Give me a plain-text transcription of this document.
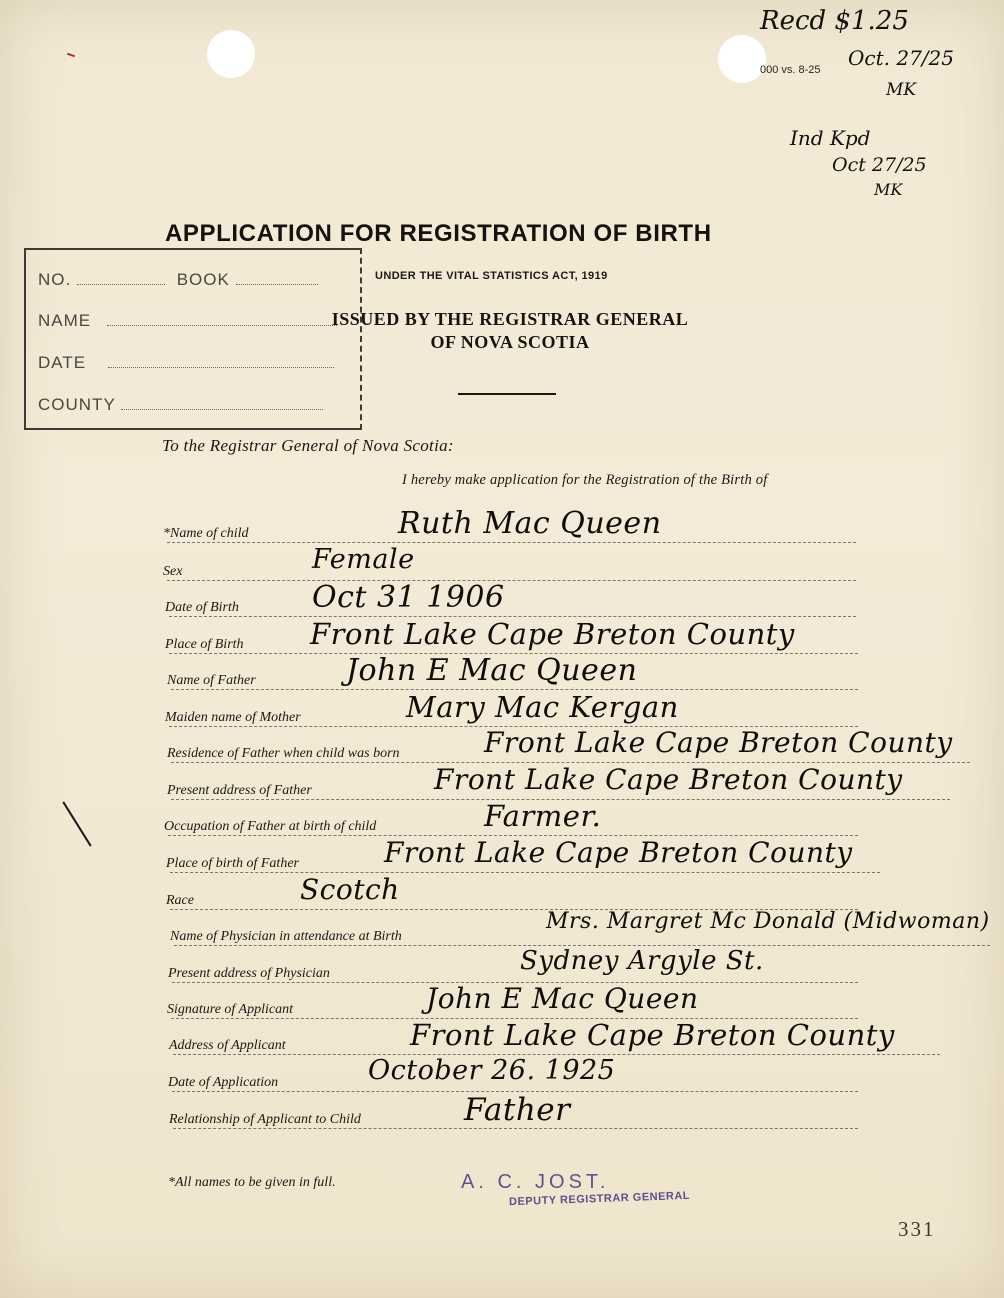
000 vs. 8-25
Recd $1.25
Oct. 27/25
MK
Ind Kpd
Oct 27/25
MK
APPLICATION FOR REGISTRATION OF BIRTH
UNDER THE VITAL STATISTICS ACT, 1919
ISSUED BY THE REGISTRAR GENERAL
OF NOVA SCOTIA
NO.	BOOK
NAME
DATE
COUNTY
To the Registrar General of Nova Scotia:
I hereby make application for the Registration of the Birth of
*Name of child	Ruth Mac Queen
Sex	Female
Date of Birth Oct 31 1906
Place of Birth Front Lake Cape Breton County
Name of Father	John E Mac Queen
Maiden name of Mother	Mary Mac Kergan
Residence of Father when child was born	Front Lake Cape Breton County
Present address of Father	Front Lake Cape Breton County
Occupation of Father at birth of child	Farmer.
Place of birth of Father	Front Lake Cape Breton County
Race	Scotch
Name of Physician in attendance at Birth
Mrs. Margret Mc Donald (Midwoman)
Present address of Physician	Sydney Argyle St.
Signature of Applicant	John E Mac Queen
Address of Applicant	Front Lake Cape Breton County
Date of Application	October 26. 1925
Relationship of Applicant to Child	Father
*All names to be given in full.	A. C. JOST.
DEPUTY REGISTRAR GENERAL
331
